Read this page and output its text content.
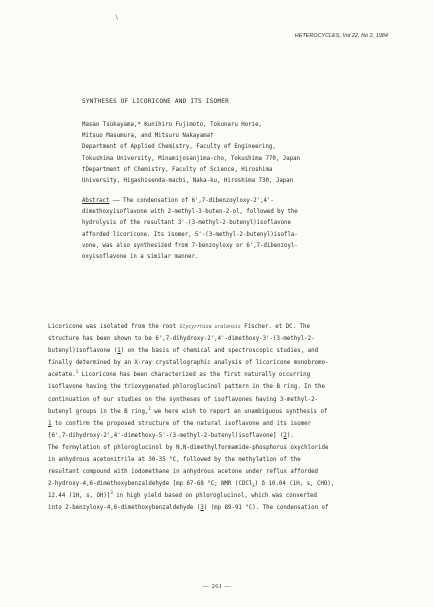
\
HETEROCYCLES, Vol 22, No 2, 1984
SYNTHESES OF LICORICONE AND ITS ISOMER
Masao Tsukayama,* Kunihiro Fujimoto, Tokunaru Horie,
Mitsuo Masumura, and Mitsuru Nakayama†
Department of Applied Chemistry, Faculty of Engineering,
Tokushima University, Minamijosanjima-cho, Tokushima 770, Japan
†Department of Chemistry, Faculty of Science, Hiroshima
University, Higashisenda-machi, Naka-ku, Hiroshima 730, Japan
Abstract —— The condensation of 6',7-dibenzoyloxy-2',4'-
dimethoxyisoflavone with 2-methyl-3-buten-2-ol, followed by the
hydrolysis of the resultant 3'-(3-methyl-2-butenyl)isoflavone
afforded licoricone. Its isomer, 5'-(3-methyl-2-butenyl)isofla-
vone, was also synthesized from 7-benzoyloxy or 6',7-dibenzoyl-
oxyisoflavone in a similar manner.
Licoricone was isolated from the root Glycyrrhiza uralensis Fischer. et DC. The
structure has been shown to be 6',7-dihydroxy-2',4'-dimethoxy-3'-(3-methyl-2-
butenyl)isoflavone (1) on the basis of chemical and spectroscopic studies, and
finally determined by an X-ray crystallographic analysis of licoricone monobromo-
acetate.$^1$ Licoricone has been characterized as the first naturally occurring
isoflavone having the trioxygenated phloroglucinol pattern in the B ring. In the
continuation of our studies on the syntheses of isoflavones having 3-methyl-2-
butenyl groups in the B ring,$^2$ we here wish to report an unambiguous synthesis of
1 to confirm the proposed structure of the natural isoflavone and its isomer
[6',7-dihydroxy-2',4'-dimethoxy-5'-(3-methyl-2-butenyl)isoflavone] (2).
The formylation of phloroglucinol by N,N-dimethylformamide-phosphorus oxychloride
in anhydrous acetonitrile at 30-35 °C, followed by the methylation of the
resultant compound with iodomethane in anhydrous acetone under reflux afforded
2-hydroxy-4,6-dimethoxybenzaldehyde [mp 67-68 °C; NMR (CDCl$_3$) δ 10.04 (1H, s, CHO),
12.44 (1H, s, OH)]$^3$ in high yield based on phloroglucinol, which was converted
into 2-benzyloxy-4,6-dimethoxybenzaldehyde (3) (mp 89-91 °C). The condensation of
— 261 —
